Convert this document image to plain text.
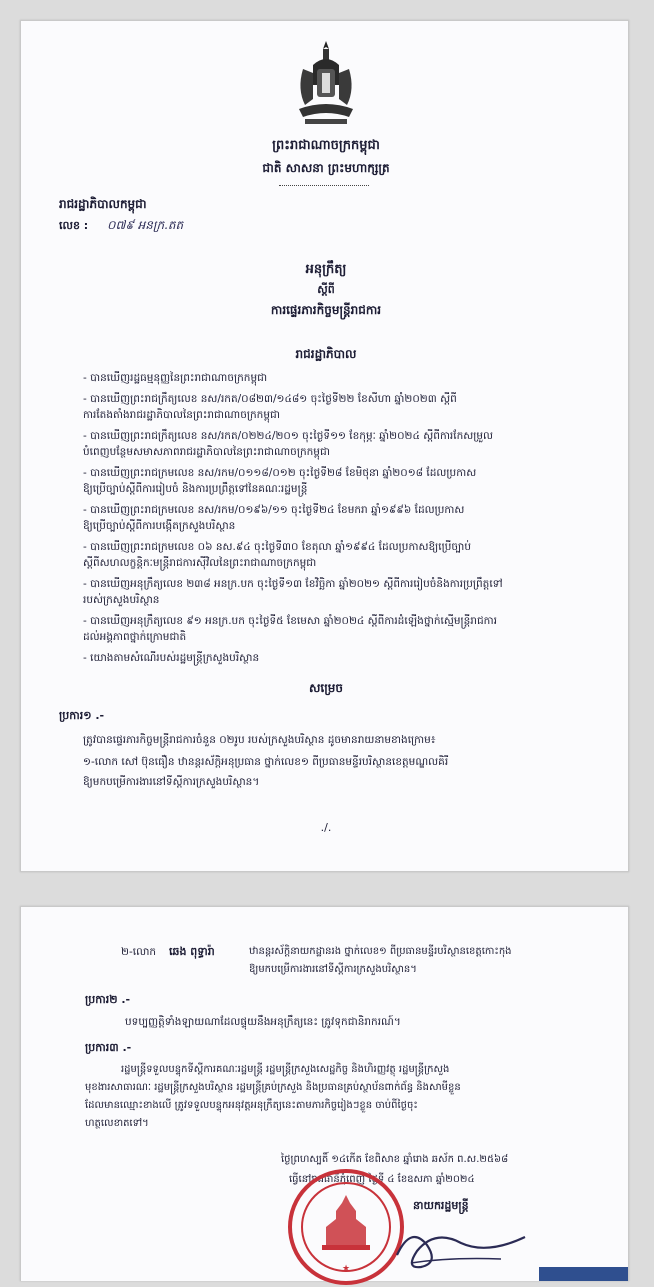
ព្រះរាជាណាចក្រកម្ពុជា
ជាតិ សាសនា ព្រះមហាក្សត្រ
រាជរដ្ឋាភិបាលកម្ពុជា
លេខ : ០៧៩ អនក្រ.តត
អនុក្រឹត្យ
ស្តីពី
ការផ្ទេរភារកិច្ចមន្ត្រីរាជការ
រាជរដ្ឋាភិបាល
- បានឃើញរដ្ឋធម្មនុញ្ញនៃព្រះរាជាណាចក្រកម្ពុជា
- បានឃើញព្រះរាជក្រឹត្យលេខ នស/រកត/០៨២៣/១៤៨១ ចុះថ្ងៃទី២២ ខែសីហា ឆ្នាំ២០២៣ ស្តីពី
ការតែងតាំងរាជរដ្ឋាភិបាលនៃព្រះរាជាណាចក្រកម្ពុជា
- បានឃើញព្រះរាជក្រឹត្យលេខ នស/រកត/០២២៤/២០១ ចុះថ្ងៃទី១១ ខែកុម្ភៈ ឆ្នាំ២០២៤ ស្តីពីការកែសម្រួល
បំពេញបន្ថែមសមាសភាពរាជរដ្ឋាភិបាលនៃព្រះរាជាណាចក្រកម្ពុជា
- បានឃើញព្រះរាជក្រមលេខ នស/រកម/០១១៨/០១២ ចុះថ្ងៃទី២៨ ខែមិថុនា ឆ្នាំ២០១៨ ដែលប្រកាស
ឱ្យប្រើច្បាប់ស្តីពីការរៀបចំ និងការប្រព្រឹត្តទៅនៃគណៈរដ្ឋមន្ត្រី
- បានឃើញព្រះរាជក្រមលេខ នស/រកម/០១៩៦/១១ ចុះថ្ងៃទី២៤ ខែមករា ឆ្នាំ១៩៩៦ ដែលប្រកាស
ឱ្យប្រើច្បាប់ស្តីពីការបង្កើតក្រសួងបរិស្ថាន
- បានឃើញព្រះរាជក្រមលេខ ០៦ នស.៩៤ ចុះថ្ងៃទី៣០ ខែតុលា ឆ្នាំ១៩៩៤ ដែលប្រកាសឱ្យប្រើច្បាប់
ស្តីពីសហលក្ខន្តិកៈមន្ត្រីរាជការស៊ីវិលនៃព្រះរាជាណាចក្រកម្ពុជា
- បានឃើញអនុក្រឹត្យលេខ ២៣៨ អនក្រ.បក ចុះថ្ងៃទី១៣ ខែវិច្ឆិកា ឆ្នាំ២០២១ ស្តីពីការរៀបចំនិងការប្រព្រឹត្តទៅ
របស់ក្រសួងបរិស្ថាន
- បានឃើញអនុក្រឹត្យលេខ ៩១ អនក្រ.បក ចុះថ្ងៃទី៥ ខែមេសា ឆ្នាំ២០២៤ ស្តីពីការដំឡើងថ្នាក់ស្មើមន្ត្រីរាជការ
ដល់អង្គភាពថ្នាក់ក្រោមជាតិ
- យោងតាមសំណើរបស់រដ្ឋមន្ត្រីក្រសួងបរិស្ថាន
សម្រេច
ប្រការ១ .-
ត្រូវបានផ្ទេរភារកិច្ចមន្ត្រីរាជការចំនួន ០២រូប របស់ក្រសួងបរិស្ថាន ដូចមានរាយនាមខាងក្រោម៖
១-លោក សៅ ប៊ុនធឿន ឋានន្តរស័ក្តិអនុប្រធាន ថ្នាក់លេខ១ ពីប្រធានមន្ទីរបរិស្ថានខេត្តមណ្ឌលគិរី
ឱ្យមកបម្រើការងារនៅទីស្តីការក្រសួងបរិស្ថាន។
./.
២-លោក ឆេង ពុទ្ធារ៉ា	ឋានន្តរស័ក្តិនាយកដ្ឋានរង ថ្នាក់លេខ១ ពីប្រធានមន្ទីរបរិស្ថានខេត្តកោះកុង
ឱ្យមកបម្រើការងារនៅទីស្តីការក្រសួងបរិស្ថាន។
ប្រការ២ .-
បទប្បញ្ញត្តិទាំងឡាយណាដែលផ្ទុយនឹងអនុក្រឹត្យនេះ ត្រូវទុកជានិរាករណ៍។
ប្រការ៣ .-
រដ្ឋមន្ត្រីទទួលបន្ទុកទីស្តីការគណៈរដ្ឋមន្ត្រី រដ្ឋមន្ត្រីក្រសួងសេដ្ឋកិច្ច និងហិរញ្ញវត្ថុ រដ្ឋមន្ត្រីក្រសួង
មុខងារសាធារណៈ រដ្ឋមន្ត្រីក្រសួងបរិស្ថាន រដ្ឋមន្ត្រីគ្រប់ក្រសួង និងប្រធានគ្រប់ស្ថាប័នពាក់ព័ន្ធ និងសាមីខ្លួន
ដែលមានឈ្មោះខាងលើ ត្រូវទទួលបន្ទុកអនុវត្តអនុក្រឹត្យនេះតាមភារកិច្ចរៀងៗខ្លួន ចាប់ពីថ្ងៃចុះ
ហត្ថលេខាតទៅ។
ថ្ងៃព្រហស្បតិ៍ ១៤កើត ខែពិសាខ ឆ្នាំរោង ឆស័ក ព.ស.២៥៦៨
ធ្វើនៅរាជធានីភ្នំពេញ ថ្ងៃទី ៤ ខែឧសភា ឆ្នាំ២០២៤
★
នាយករដ្ឋមន្ត្រី
